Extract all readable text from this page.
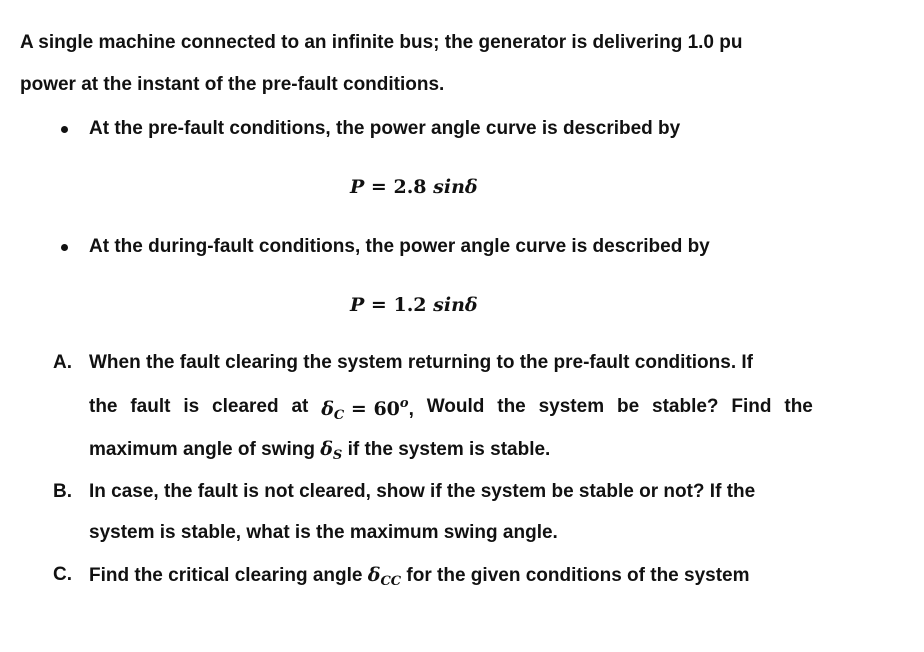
A single machine connected to an infinite bus; the generator is delivering 1.0 pu
power at the instant of the pre-fault conditions.
At the pre-fault conditions, the power angle curve is described by
P = 2.8 sinδ
At the during-fault conditions, the power angle curve is described by
P = 1.2 sinδ
A. When the fault clearing the system returning to the pre-fault conditions. If
the fault is cleared at $\delta_C = 60^o$, Would the system be stable? Find the
maximum angle of swing $\delta_S$ if the system is stable.
B. In case, the fault is not cleared, show if the system be stable or not? If the
system is stable, what is the maximum swing angle.
C. Find the critical clearing angle $\delta_{CC}$ for the given conditions of the system
